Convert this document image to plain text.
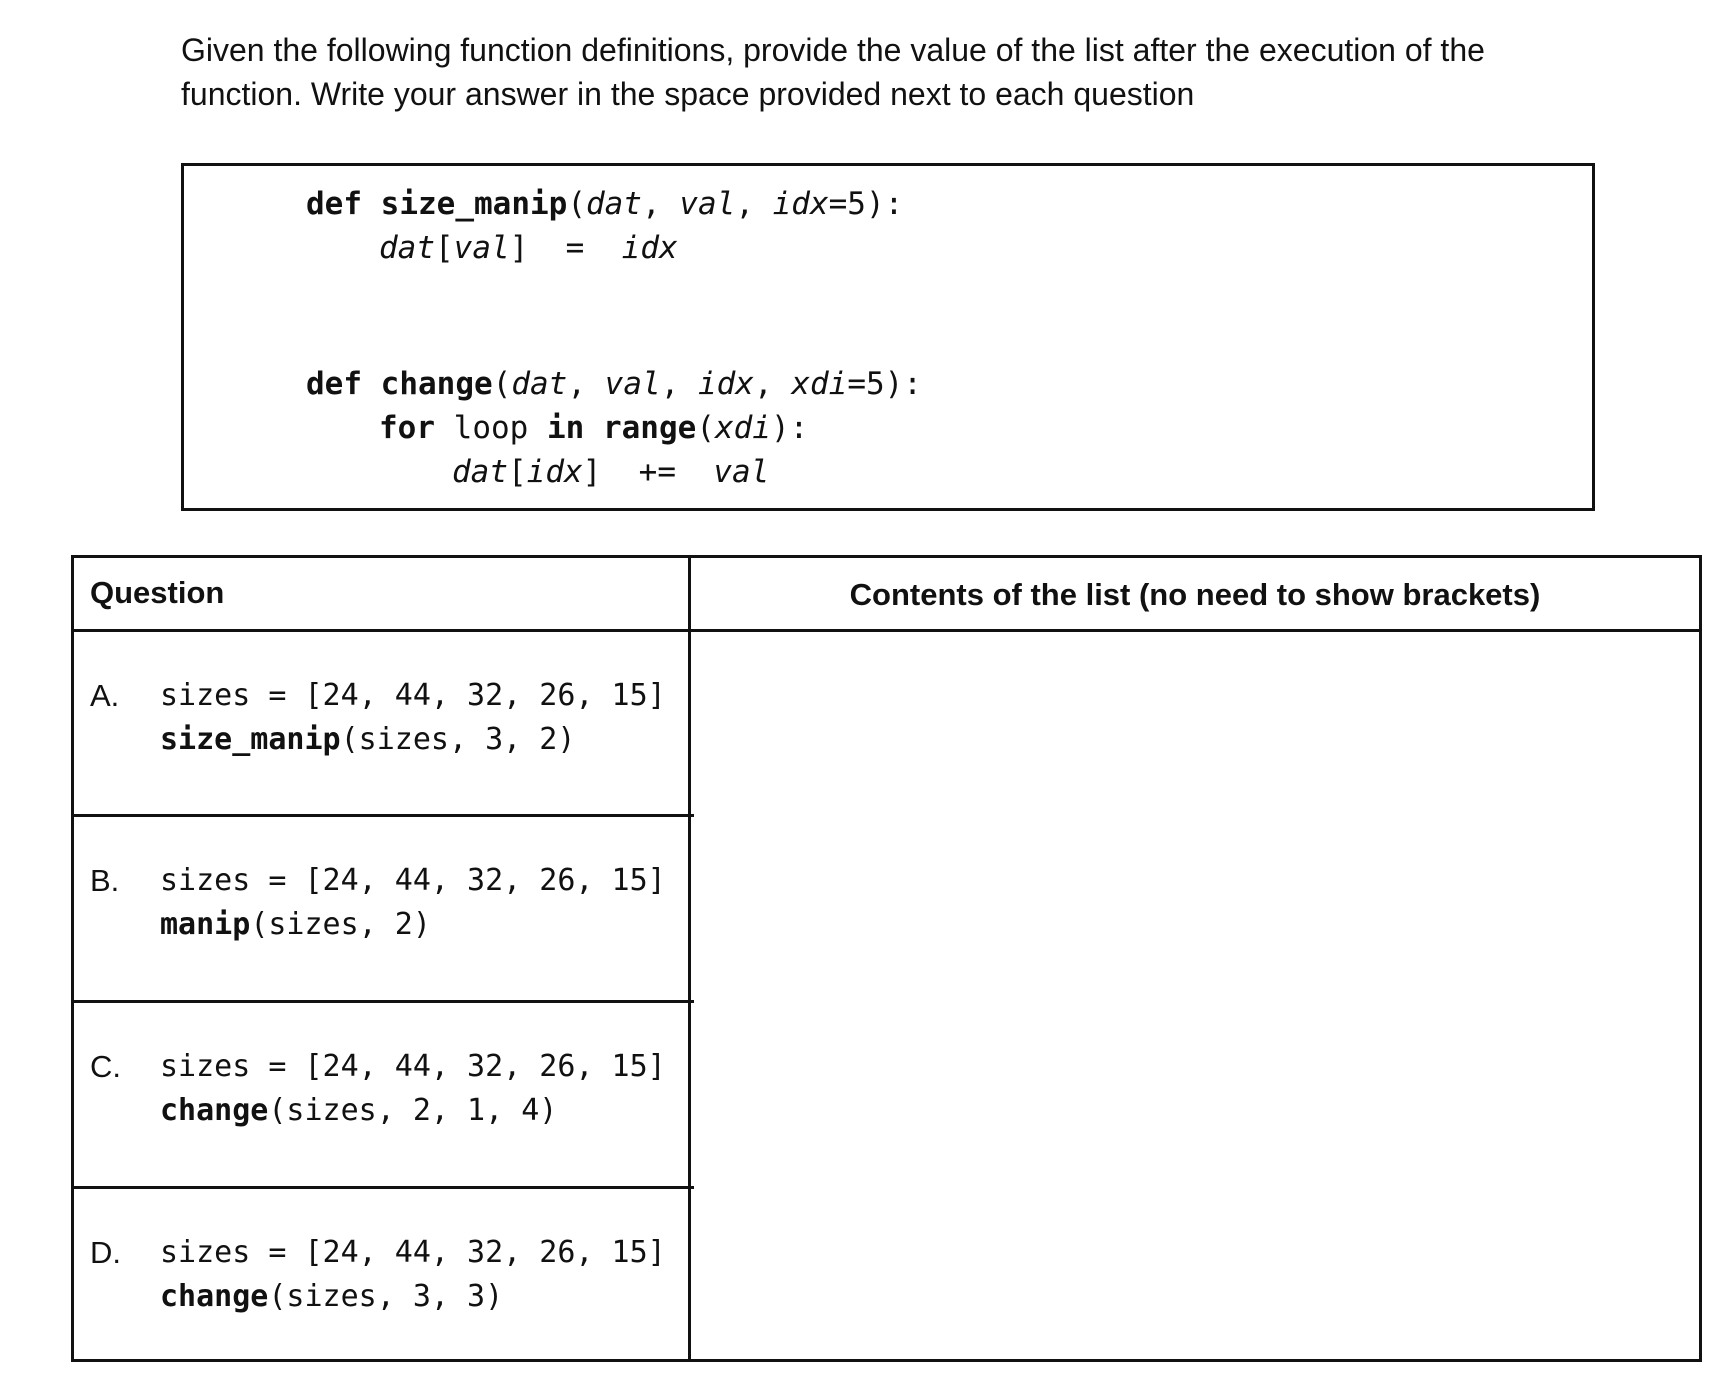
Given the following function definitions, provide the value of the list after the execution of the
function. Write your answer in the space provided next to each question
def size_manip(dat, val, idx=5):
dat[val]  =  idx
def change(dat, val, idx, xdi=5):
for loop in range(xdi):
dat[idx]  +=  val
Question	Contents of the list (no need to show brackets)
A. sizes = [24, 44, 32, 26, 15]
size_manip(sizes, 3, 2)
B. sizes = [24, 44, 32, 26, 15]
manip(sizes, 2)
C. sizes = [24, 44, 32, 26, 15]
change(sizes, 2, 1, 4)
D. sizes = [24, 44, 32, 26, 15]
change(sizes, 3, 3)
